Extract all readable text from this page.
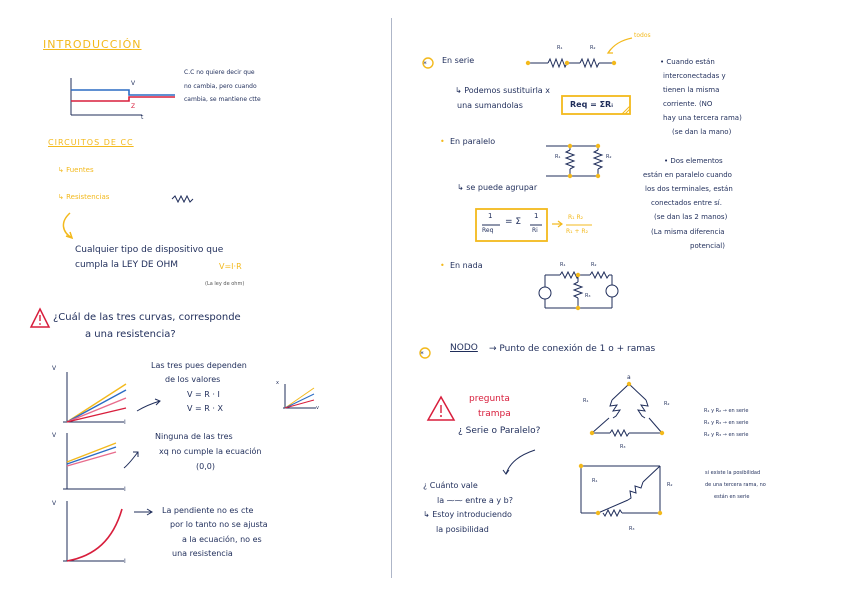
INTRODUCCIÓN
*
*
V
Z
t
C.C no quiere decir que
no cambia, pero cuando
cambia, se mantiene ctte
CIRCUITOS DE CC
↳ Fuentes
↳ Resistencias
Cualquier tipo de dispositivo que
cumpla la LEY DE OHM	V=I·R
(La ley de ohm)
¿Cuál de las tres curvas, corresponde
a una resistencia?
V
I
V
I
V
I
x
v
Las tres pues dependen
de los valores
V = R · I
V = R · X
Ninguna de las tres
xq no cumple la ecuación
(0,0)
La pendiente no es cte
por lo tanto no se ajusta
a la ecuación, no es
una resistencia
En serie
R₁	R₂
todos
• Cuando están
interconectadas y
tienen la misma
corriente. (NO
hay una tercera rama)
(se dan la mano)
↳ Podemos sustituirla x
una sumandolas	Req = ΣRᵢ
En paralelo
•
•
R₁	R₂	• Dos elementos
están en paralelo cuando
los dos terminales, están
conectados entre sí.
(se dan las 2 manos)
(La misma diferencia
potencial)
↳ se puede agrupar
1
Req
= Σ
1
Ri
R₁ R₂
R₁ + R₂
En nada	R₁	R₂
R₃
NODO → Punto de conexión de 1 o + ramas
pregunta
trampa
¿ Serie o Paralelo?
a
R₁	R₂
R₃
R₁ y R₂ → en serie
R₁ y R₃ → en serie
R₂ y R₃ → en serie
¿ Cuánto vale
la ⁓⁓ entre a y b?
↳ Estoy introduciendo
la posibilidad
R₁
R₂
R₃
si existe la posibilidad
de una tercera rama, no
están en serie
